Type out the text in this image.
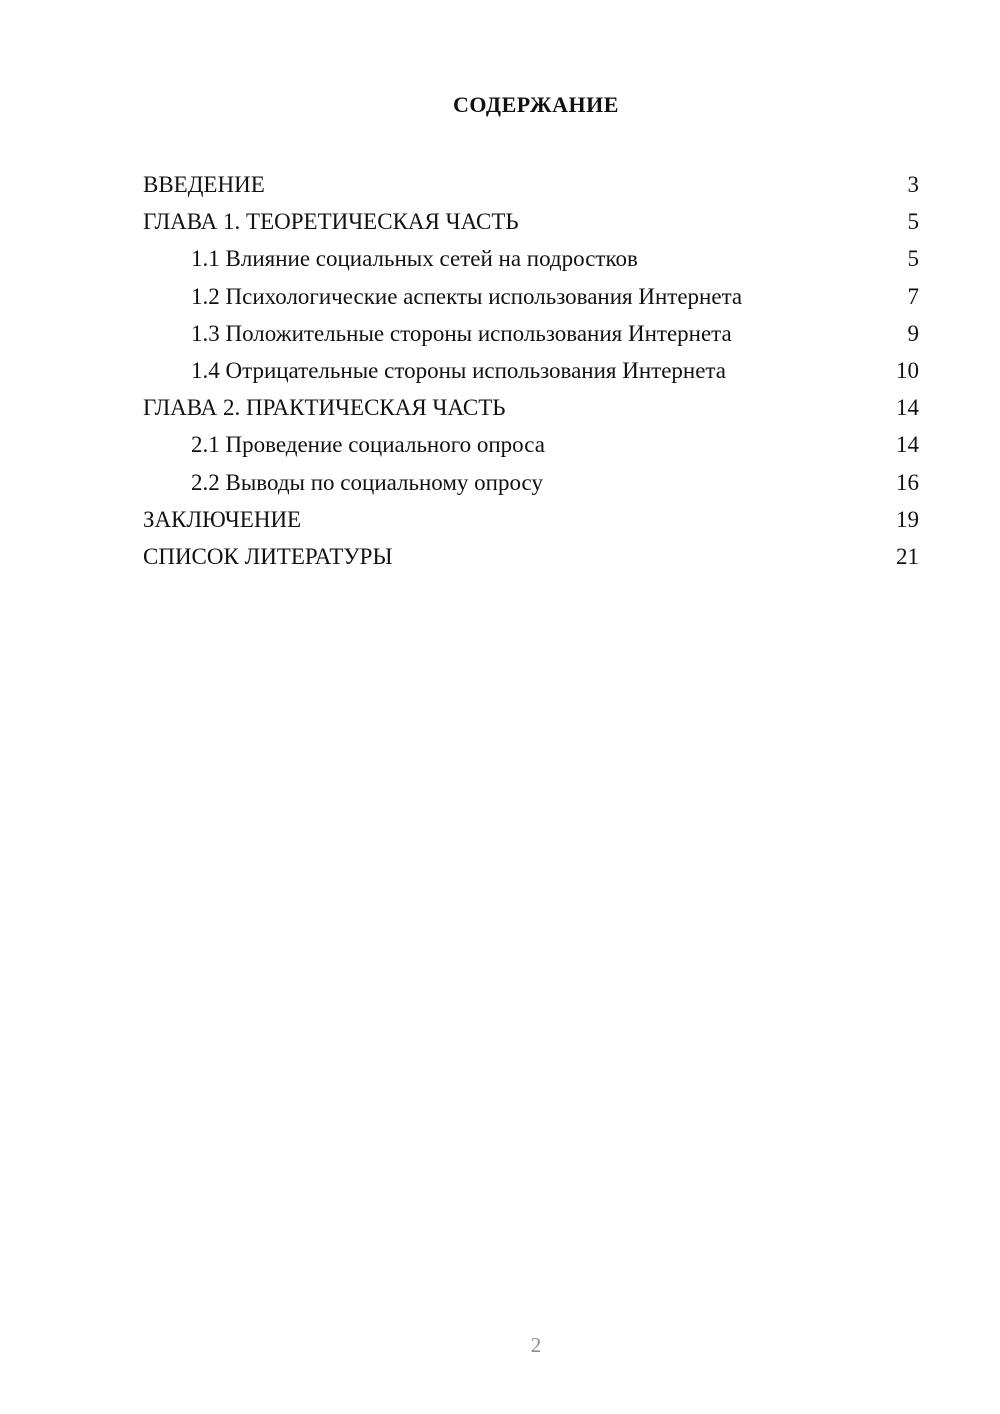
СОДЕРЖАНИЕ
ВВЕДЕНИЕ	3
ГЛАВА 1. ТЕОРЕТИЧЕСКАЯ ЧАСТЬ	5
1.1 Влияние социальных сетей на подростков	5
1.2 Психологические аспекты использования Интернета	7
1.3 Положительные стороны использования Интернета	9
1.4 Отрицательные стороны использования Интернета	10
ГЛАВА 2. ПРАКТИЧЕСКАЯ ЧАСТЬ	14
2.1 Проведение социального опроса	14
2.2 Выводы по социальному опросу	16
ЗАКЛЮЧЕНИЕ	19
СПИСОК ЛИТЕРАТУРЫ	21
2
